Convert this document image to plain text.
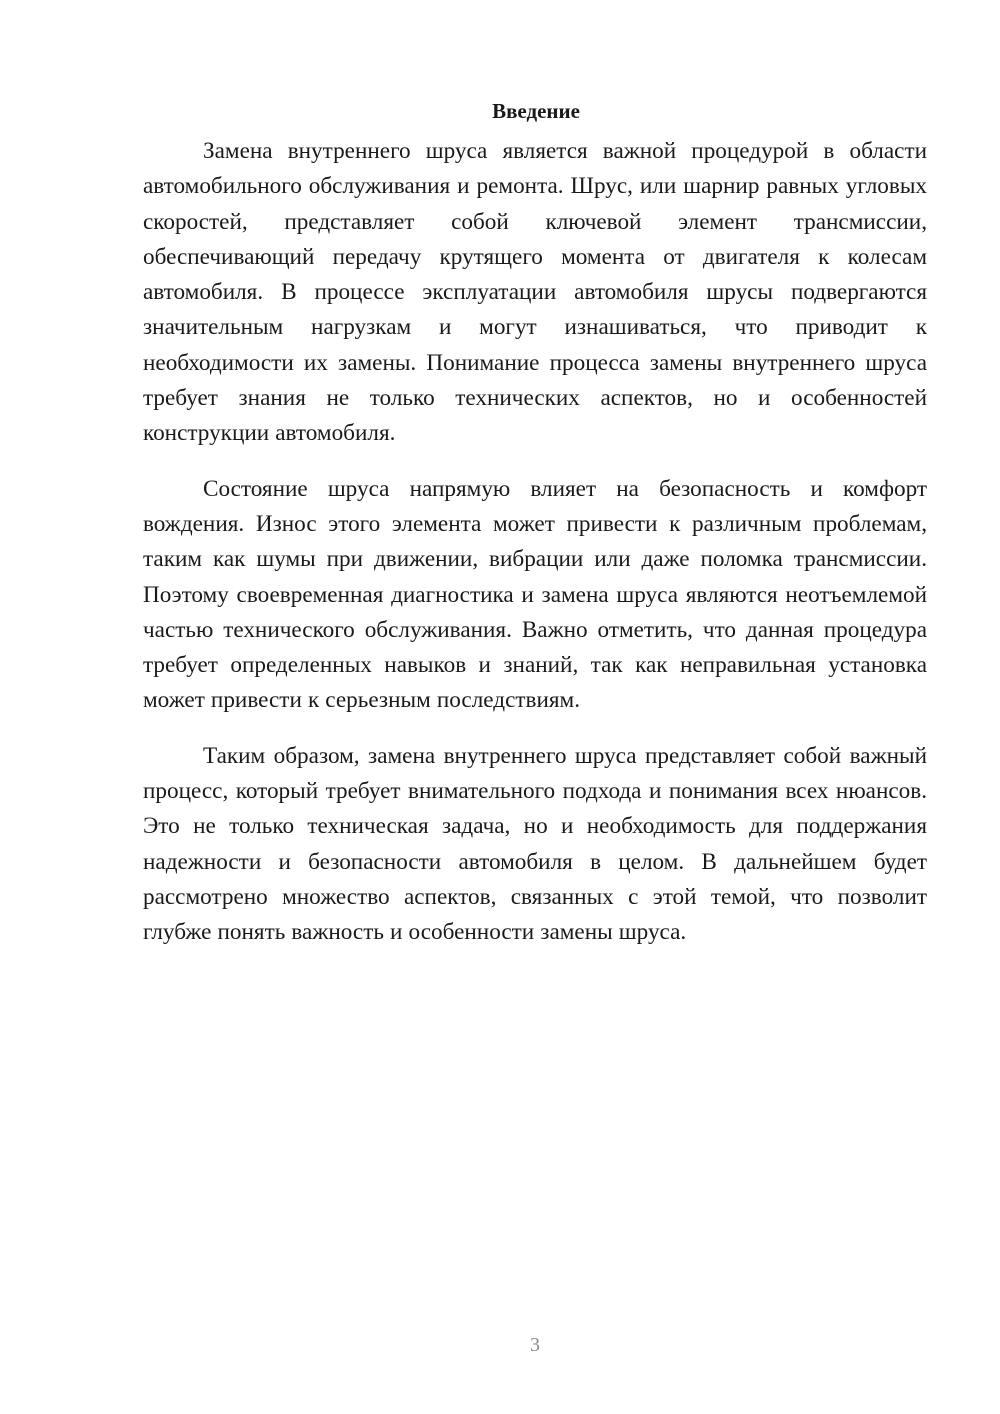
Введение

Замена внутреннего шруса является важной процедурой в области автомобильного обслуживания и ремонта. Шрус, или шарнир равных угловых скоростей, представляет собой ключевой элемент трансмиссии, обеспечивающий передачу крутящего момента от двигателя к колесам автомобиля. В процессе эксплуатации автомобиля шрусы подвергаются значительным нагрузкам и могут изнашиваться, что приводит к необходимости их замены. Понимание процесса замены внутреннего шруса требует знания не только технических аспектов, но и особенностей конструкции автомобиля.

Состояние шруса напрямую влияет на безопасность и комфорт вождения. Износ этого элемента может привести к различным проблемам, таким как шумы при движении, вибрации или даже поломка трансмиссии. Поэтому своевременная диагностика и замена шруса являются неотъемлемой частью технического обслуживания. Важно отметить, что данная процедура требует определенных навыков и знаний, так как неправильная установка может привести к серьезным последствиям.

Таким образом, замена внутреннего шруса представляет собой важный процесс, который требует внимательного подхода и понимания всех нюансов. Это не только техническая задача, но и необходимость для поддержания надежности и безопасности автомобиля в целом. В дальнейшем будет рассмотрено множество аспектов, связанных с этой темой, что позволит глубже понять важность и особенности замены шруса.

3
